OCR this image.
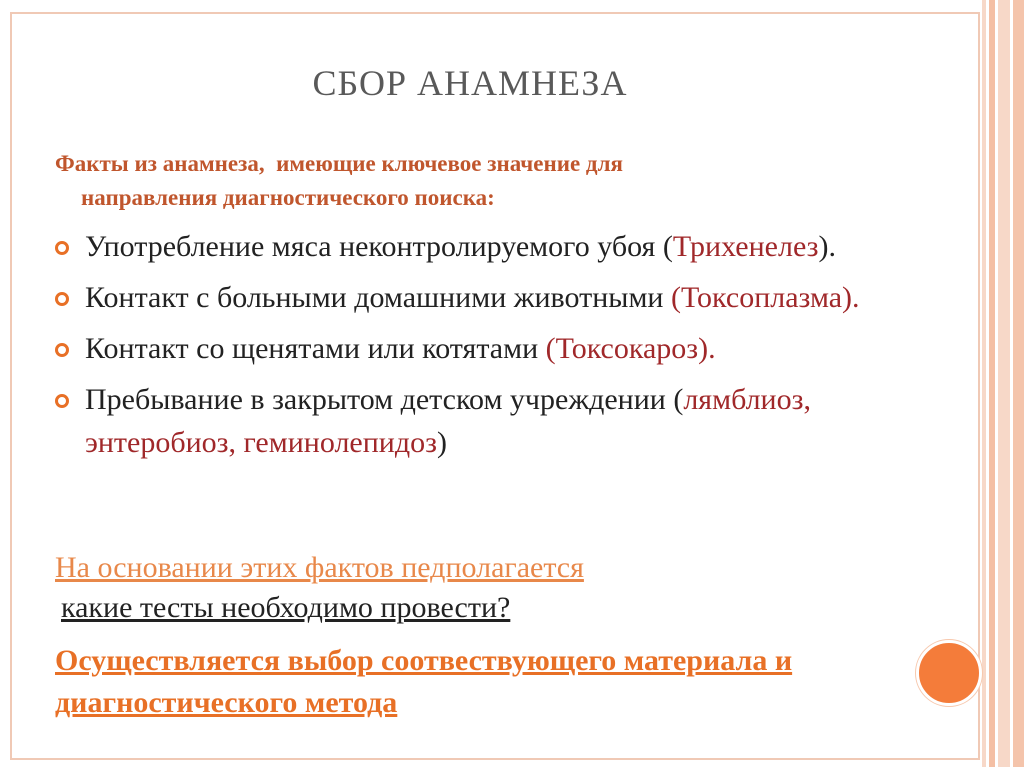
СБОР АНАМНЕЗА
Факты из анамнеза,  имеющие ключевое значение для
направления диагностического поиска:
Употребление мяса неконтролируемого убоя (Трихенелез).
Контакт с больными домашними животными (Токсоплазма).
Контакт со щенятами или котятами (Токсокароз).
Пребывание в закрытом детском учреждении (лямблиоз, энтеробиоз, геминолепидоз)
На основании этих фактов педполагается
какие тесты необходимо провести?
Осуществляется выбор соотвествующего материала и диагностического метода
